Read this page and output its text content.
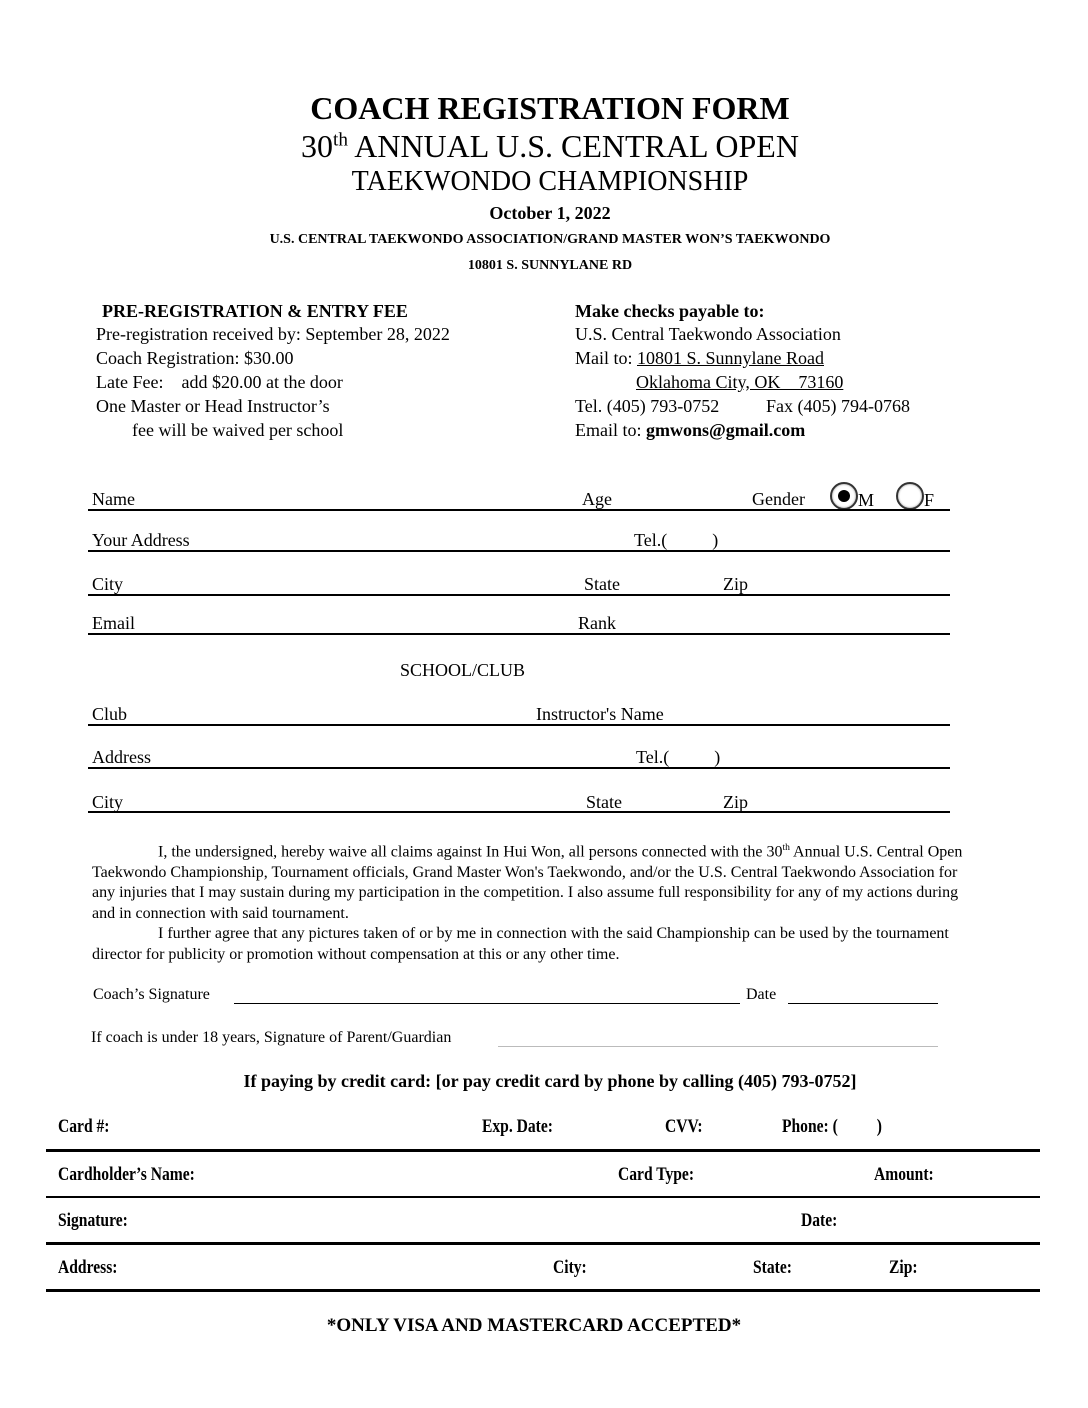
COACH REGISTRATION FORM
30th ANNUAL U.S. CENTRAL OPEN
TAEKWONDO CHAMPIONSHIP
October 1, 2022
U.S. CENTRAL TAEKWONDO ASSOCIATION/GRAND MASTER WON’S TAEKWONDO
10801 S. SUNNYLANE RD
PRE-REGISTRATION & ENTRY FEE
Pre-registration received by: September 28, 2022
Coach Registration: $30.00
Late Fee:    add $20.00 at the door
One Master or Head Instructor’s
fee will be waived per school
Make checks payable to:
U.S. Central Taekwondo Association
Mail to: 10801 S. Sunnylane Road
Oklahoma City, OK    73160
Tel. (405) 793-0752	Fax (405) 794-0768
Email to: gmwons@gmail.com
Name	Age	Gender	M	F
Your Address	Tel.(          )
City	State	Zip
Email	Rank
SCHOOL/CLUB
Club	Instructor's Name
Address	Tel.(          )
City	State	Zip

I, the undersigned, hereby waive all claims against In Hui Won, all persons connected with the 30th Annual U.S. Central Open Taekwondo Championship, Tournament officials, Grand Master Won's Taekwondo, and/or the U.S. Central Taekwondo Association for any injuries that I may sustain during my participation in the competition. I also assume full responsibility for any of my actions during and in connection with said tournament.

I further agree that any pictures taken of or by me in connection with the said Championship can be used by the tournament director for publicity or promotion without compensation at this or any other time.

Coach’s Signature	Date
If coach is under 18 years, Signature of Parent/Guardian
If paying by credit card: [or pay credit card by phone by calling (405) 793-0752]
Card #:	Exp. Date:	CVV:	Phone: (          )
Cardholder’s Name:	Card Type:	Amount:
Signature:	Date:
Address:	City:	State:	Zip:
*ONLY VISA AND MASTERCARD ACCEPTED*
